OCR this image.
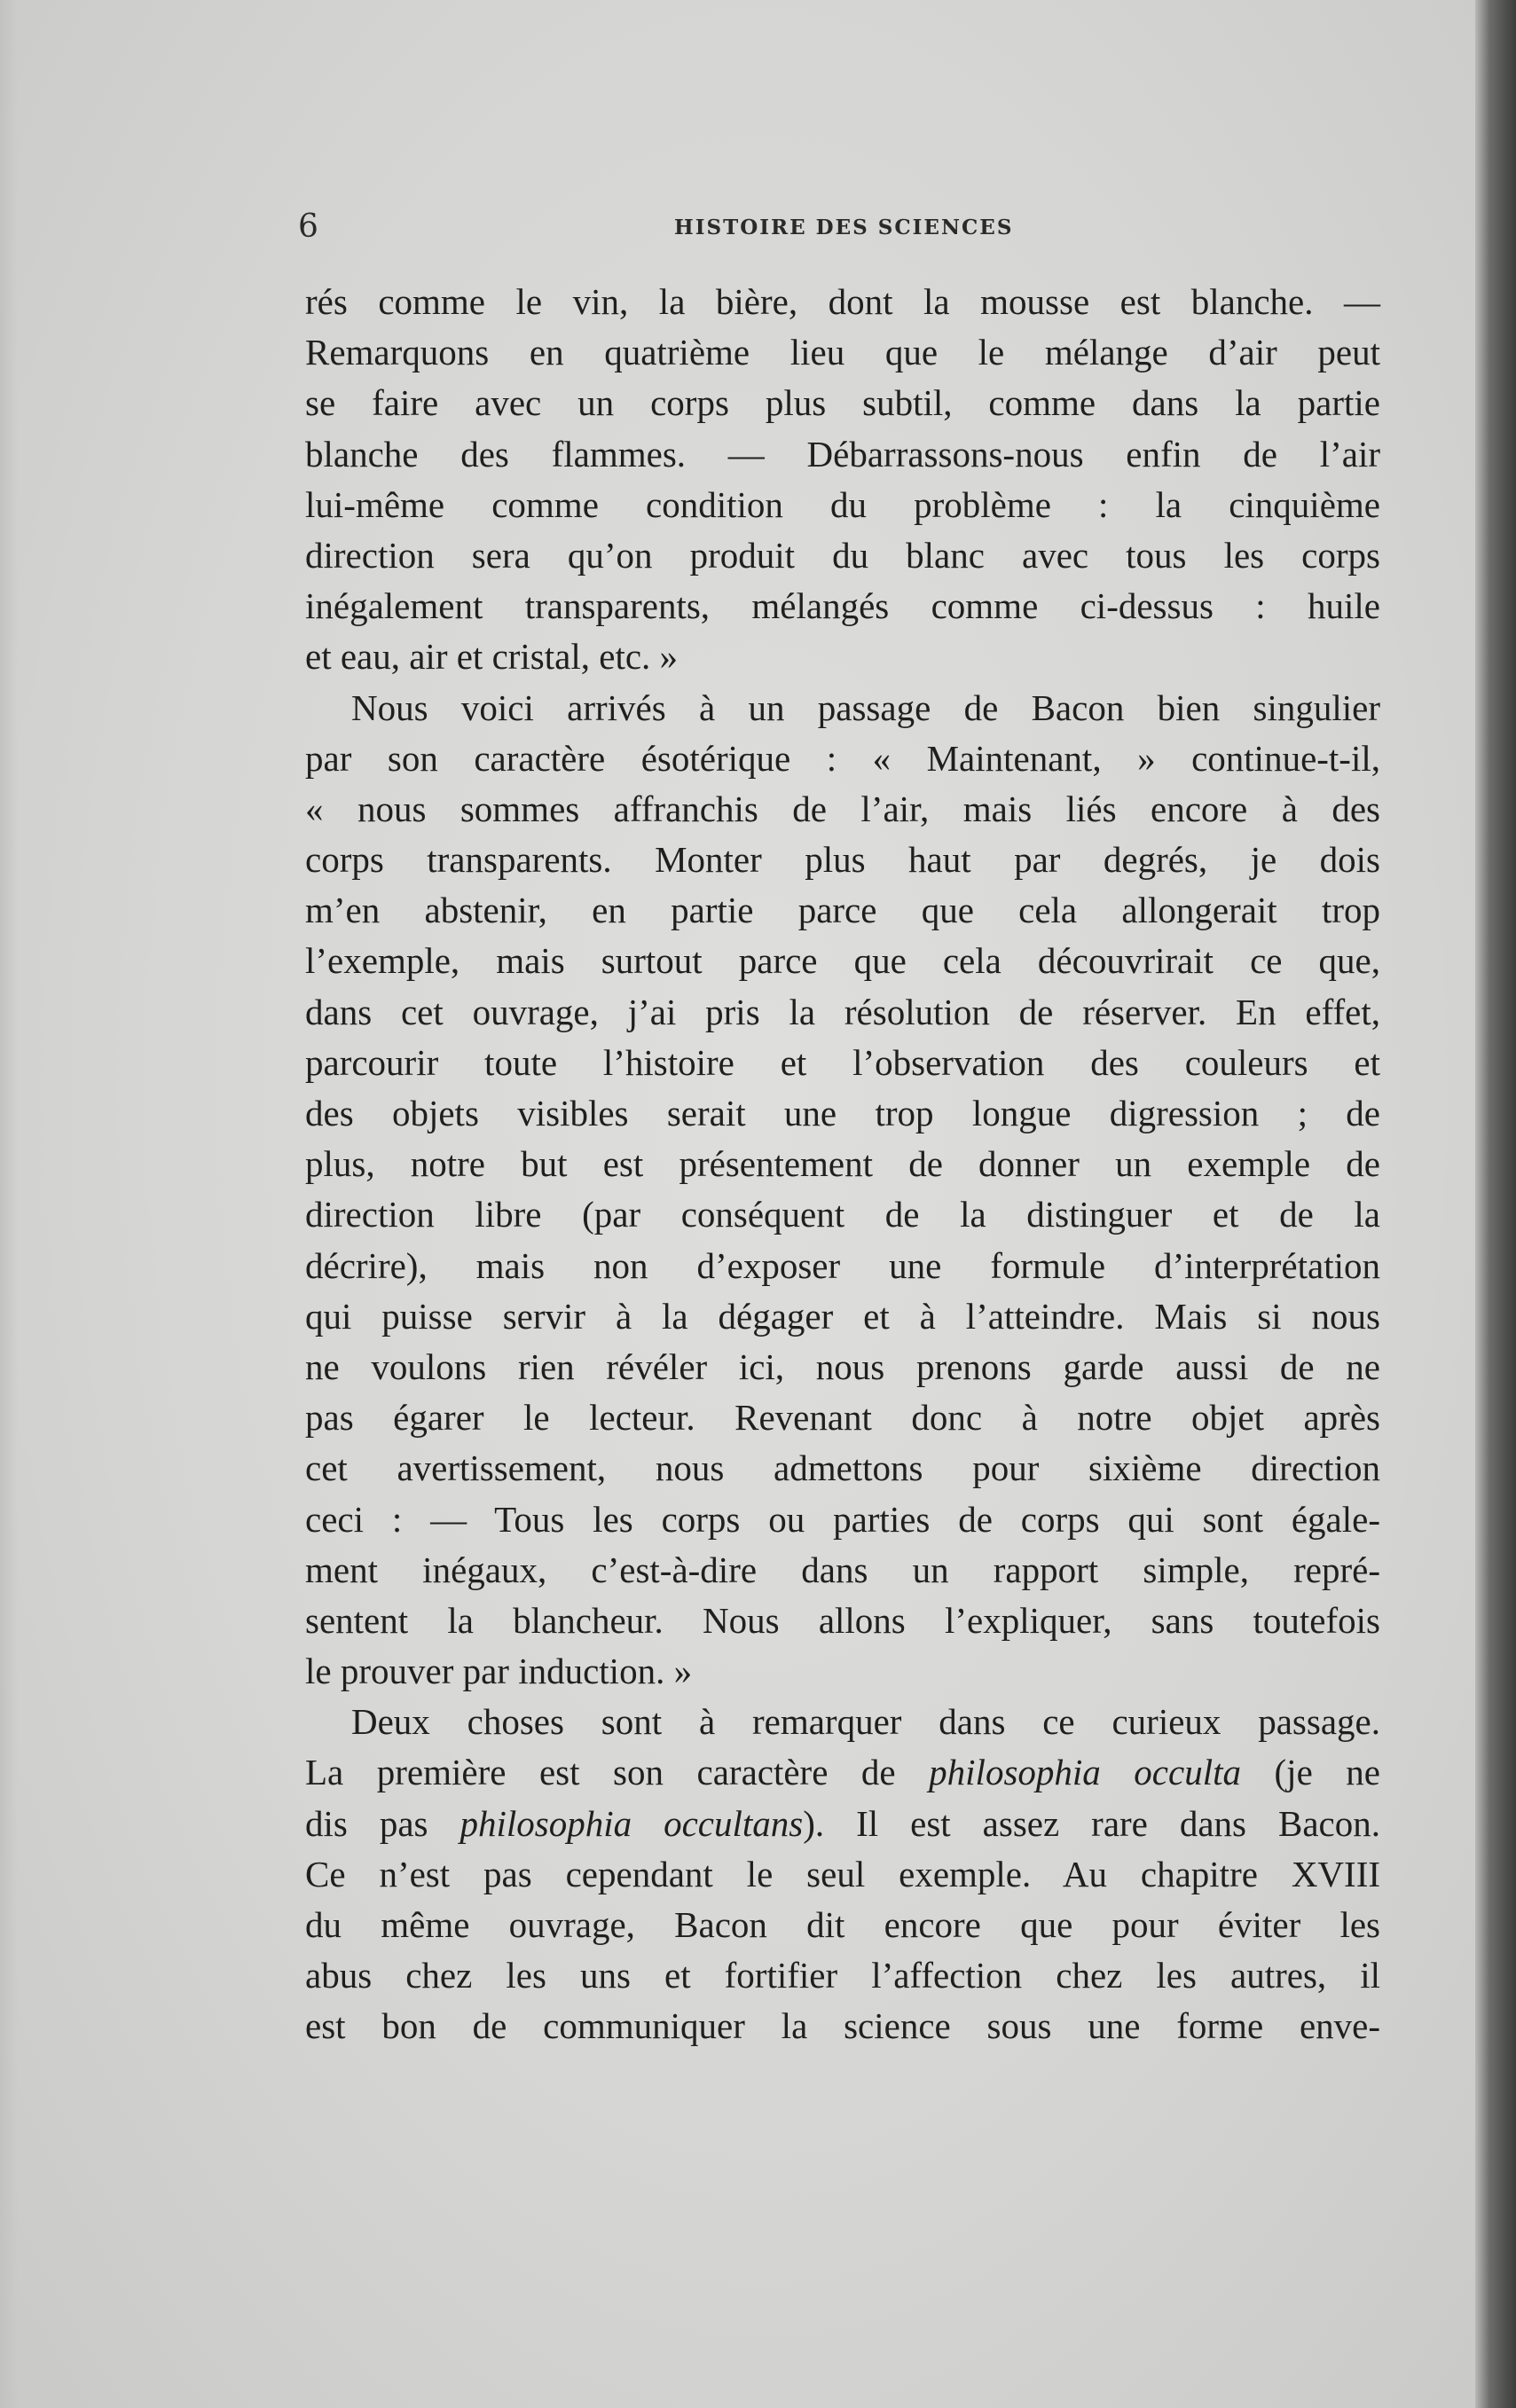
6	HISTOIRE DES SCIENCES
rés comme le vin, la bière, dont la mousse est blanche. —
Remarquons en quatrième lieu que le mélange d’air peut
se faire avec un corps plus subtil, comme dans la partie
blanche des flammes. — Débarrassons-nous enfin de l’air
lui-même comme condition du problème : la cinquième
direction sera qu’on produit du blanc avec tous les corps
inégalement transparents, mélangés comme ci-dessus : huile
et eau, air et cristal, etc. »
Nous voici arrivés à un passage de Bacon bien singulier
par son caractère ésotérique : « Maintenant, » continue-t-il,
« nous sommes affranchis de l’air, mais liés encore à des
corps transparents. Monter plus haut par degrés, je dois
m’en abstenir, en partie parce que cela allongerait trop
l’exemple, mais surtout parce que cela découvrirait ce que,
dans cet ouvrage, j’ai pris la résolution de réserver. En effet,
parcourir toute l’histoire et l’observation des couleurs et
des objets visibles serait une trop longue digression ; de
plus, notre but est présentement de donner un exemple de
direction libre (par conséquent de la distinguer et de la
décrire), mais non d’exposer une formule d’interprétation
qui puisse servir à la dégager et à l’atteindre. Mais si nous
ne voulons rien révéler ici, nous prenons garde aussi de ne
pas égarer le lecteur. Revenant donc à notre objet après
cet avertissement, nous admettons pour sixième direction
ceci : — Tous les corps ou parties de corps qui sont égale-
ment inégaux, c’est-à-dire dans un rapport simple, repré-
sentent la blancheur. Nous allons l’expliquer, sans toutefois
le prouver par induction. »
Deux choses sont à remarquer dans ce curieux passage.
La première est son caractère de philosophia occulta (je ne
dis pas philosophia occultans). Il est assez rare dans Bacon.
Ce n’est pas cependant le seul exemple. Au chapitre XVIII
du même ouvrage, Bacon dit encore que pour éviter les
abus chez les uns et fortifier l’affection chez les autres, il
est bon de communiquer la science sous une forme enve-
